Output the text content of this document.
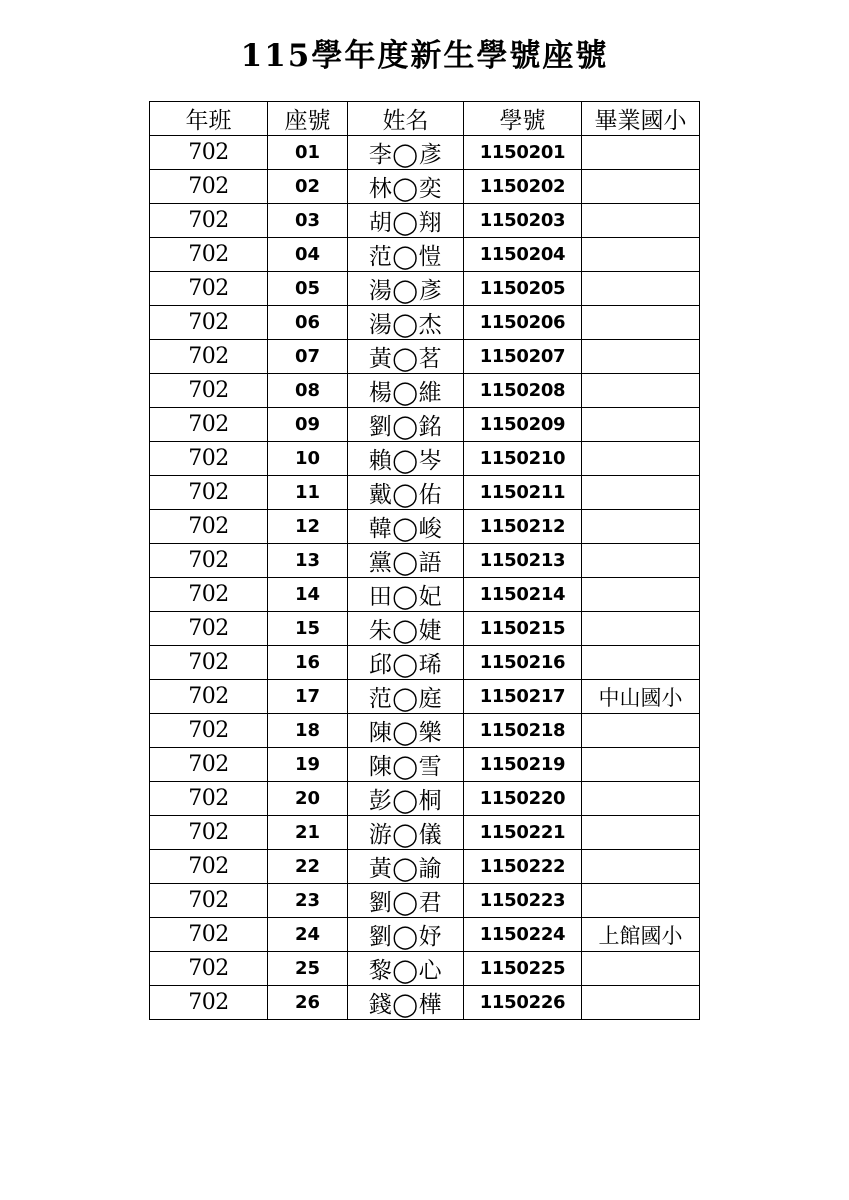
115學年度新生學號座號
年班	座號	姓名	學號	畢業國小
702	01	李◯彥	1150201	
702	02	林◯奕	1150202	
702	03	胡◯翔	1150203	
702	04	范◯愷	1150204	
702	05	湯◯彥	1150205	
702	06	湯◯杰	1150206	
702	07	黃◯茗	1150207	
702	08	楊◯維	1150208	
702	09	劉◯銘	1150209	
702	10	賴◯岑	1150210	
702	11	戴◯佑	1150211	
702	12	韓◯峻	1150212	
702	13	黨◯語	1150213	
702	14	田◯妃	1150214	
702	15	朱◯婕	1150215	
702	16	邱◯琋	1150216	
702	17	范◯庭	1150217	中山國小
702	18	陳◯樂	1150218	
702	19	陳◯雪	1150219	
702	20	彭◯桐	1150220	
702	21	游◯儀	1150221	
702	22	黃◯諭	1150222	
702	23	劉◯君	1150223	
702	24	劉◯妤	1150224	上館國小
702	25	黎◯心	1150225	
702	26	錢◯樺	1150226	
